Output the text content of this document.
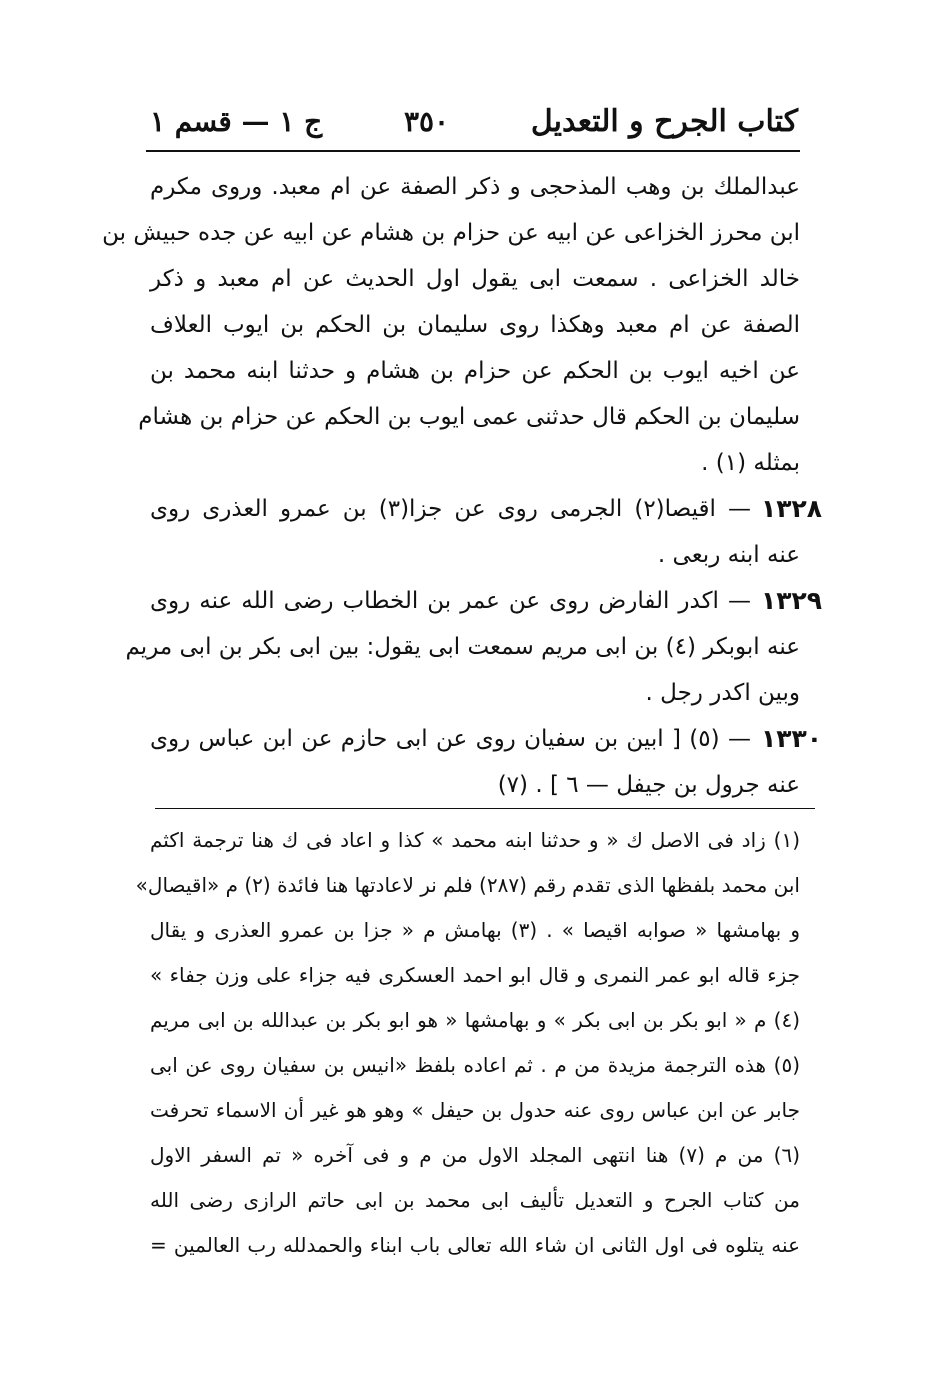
كتاب الجرح و التعديل
٣٥٠
ج ١ — قسم ١
عبدالملك بن وهب المذحجى و ذكر الصفة عن ام معبد. وروى مكرم
ابن محرز الخزاعى عن ابيه عن حزام بن هشام عن ابيه عن جده حبيش بن
خالد الخزاعى . سمعت ابى يقول اول الحديث عن ام معبد و ذكر
الصفة عن ام معبد وهكذا روى سليمان بن الحكم بن ايوب العلاف
عن اخيه ايوب بن الحكم عن حزام بن هشام و حدثنا ابنه محمد بن
سليمان بن الحكم قال حدثنى عمى ايوب بن الحكم عن حزام بن هشام
بمثله (١) .
١٣٢٨
— اقيصا(٢) الجرمى روى عن جزا(٣) بن عمرو العذرى روى
عنه ابنه ربعى .
١٣٢٩
— اكدر الفارض روى عن عمر بن الخطاب رضى الله عنه روى
عنه ابوبكر (٤) بن ابى مريم سمعت ابى يقول: بين ابى بكر بن ابى مريم
وبين اكدر رجل .
١٣٣٠
— (٥) [ ابين بن سفيان روى عن ابى حازم عن ابن عباس روى
عنه جرول بن جيفل — ٦ ] . (٧)
(١) زاد فى الاصل ك « و حدثنا ابنه محمد » كذا و اعاد فى ك هنا ترجمة اكثم
ابن محمد بلفظها الذى تقدم رقم (٢٨٧) فلم نر لاعادتها هنا فائدة (٢) م «اقيصال»
و بهامشها « صوابه اقيصا » . (٣) بهامش م « جزا بن عمرو العذرى و يقال
جزء قاله ابو عمر النمرى و قال ابو احمد العسكرى فيه جزاء على وزن جفاء »
(٤) م « ابو بكر بن ابى بكر » و بهامشها « هو ابو بكر بن عبدالله بن ابى مريم
(٥) هذه الترجمة مزيدة من م . ثم اعاده بلفظ «انيس بن سفيان روى عن ابى
جابر عن ابن عباس روى عنه حدول بن حيفل » وهو هو غير أن الاسماء تحرفت
(٦) من م (٧) هنا انتهى المجلد الاول من م و فى آخره « تم السفر الاول
من كتاب الجرح و التعديل تأليف ابى محمد بن ابى حاتم الرازى رضى الله
عنه يتلوه فى اول الثانى ان شاء الله تعالى باب ابناء والحمدلله رب العالمين =
